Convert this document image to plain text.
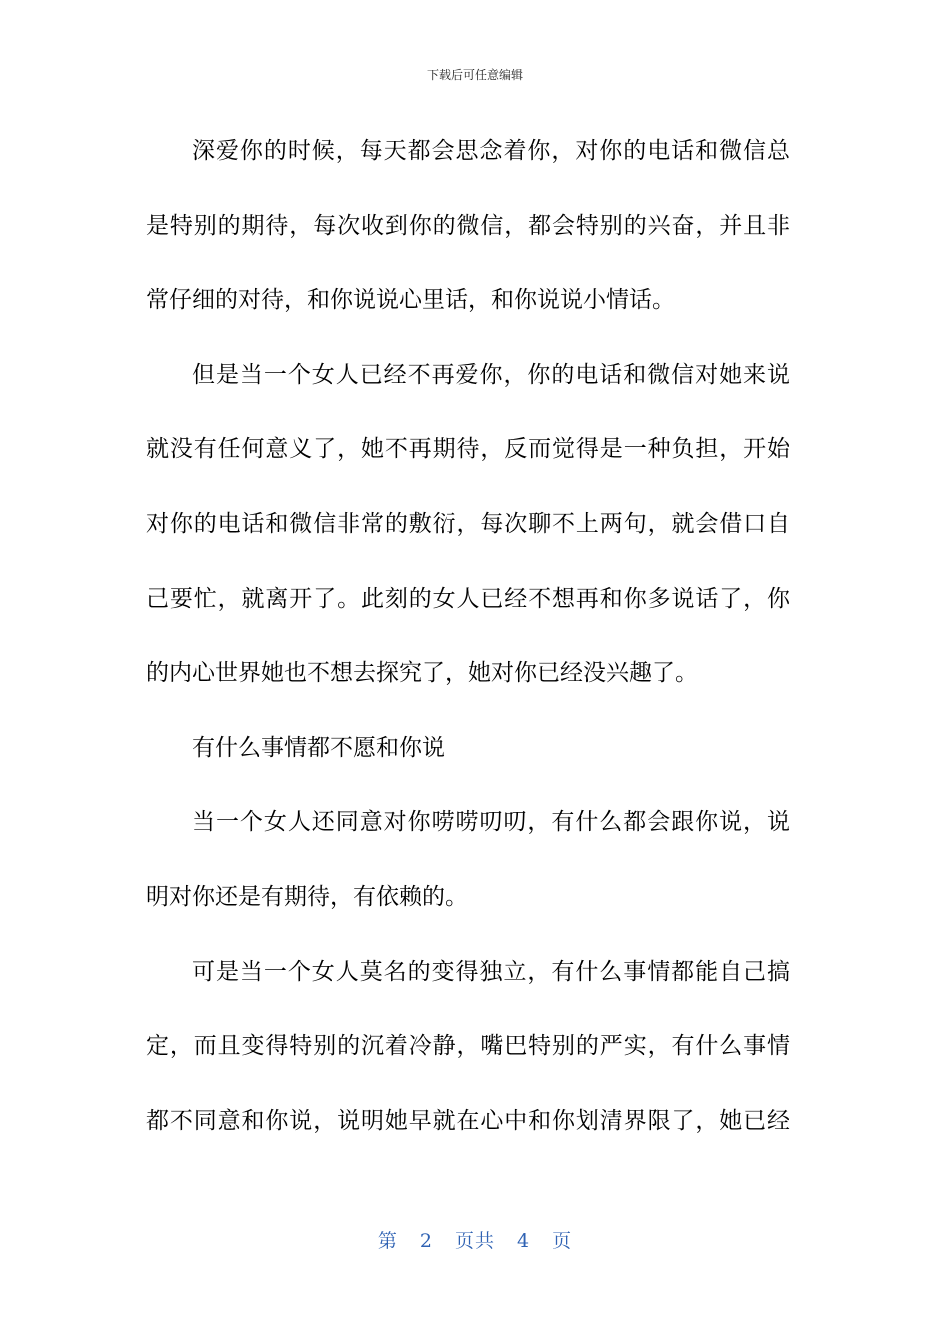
下载后可任意编辑
深爱你的时候，每天都会思念着你，对你的电话和微信总
是特别的期待，每次收到你的微信，都会特别的兴奋，并且非
常仔细的对待，和你说说心里话，和你说说小情话。
但是当一个女人已经不再爱你，你的电话和微信对她来说
就没有任何意义了，她不再期待，反而觉得是一种负担，开始
对你的电话和微信非常的敷衍，每次聊不上两句，就会借口自
己要忙，就离开了。此刻的女人已经不想再和你多说话了，你
的内心世界她也不想去探究了，她对你已经没兴趣了。
有什么事情都不愿和你说
当一个女人还同意对你唠唠叨叨，有什么都会跟你说，说
明对你还是有期待，有依赖的。
可是当一个女人莫名的变得独立，有什么事情都能自己搞
定，而且变得特别的沉着冷静，嘴巴特别的严实，有什么事情
都不同意和你说，说明她早就在心中和你划清界限了，她已经
第 2 页共 4 页
